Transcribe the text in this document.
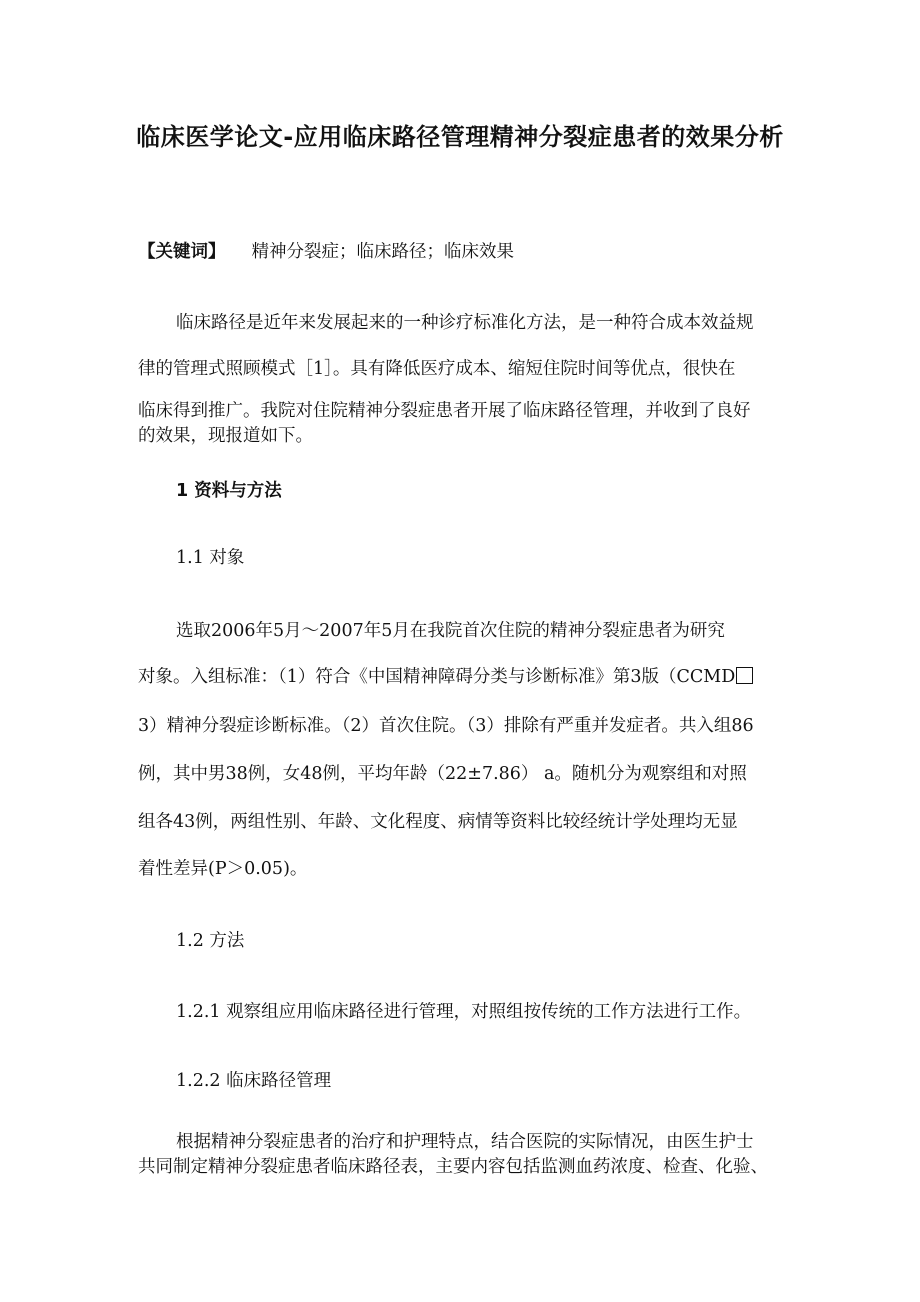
临床医学论文-应用临床路径管理精神分裂症患者的效果分析
【关键词】 精神分裂症；临床路径；临床效果
临床路径是近年来发展起来的一种诊疗标准化方法，是一种符合成本效益规
律的管理式照顾模式［1］。具有降低医疗成本、缩短住院时间等优点，很快在
临床得到推广。我院对住院精神分裂症患者开展了临床路径管理，并收到了良好
的效果，现报道如下。
1 资料与方法
1.1 对象
选取2006年5月～2007年5月在我院首次住院的精神分裂症患者为研究
对象。入组标准：（1）符合《中国精神障碍分类与诊断标准》第3版（CCMD
3）精神分裂症诊断标准。（2）首次住院。（3）排除有严重并发症者。共入组86
例，其中男38例，女48例，平均年龄（22±7.86） a。随机分为观察组和对照
组各43例，两组性别、年龄、文化程度、病情等资料比较经统计学处理均无显
着性差异(P＞0.05)。
1.2 方法
1.2.1 观察组应用临床路径进行管理，对照组按传统的工作方法进行工作。
1.2.2 临床路径管理
根据精神分裂症患者的治疗和护理特点，结合医院的实际情况，由医生护士
共同制定精神分裂症患者临床路径表，主要内容包括监测血药浓度、检查、化验、
